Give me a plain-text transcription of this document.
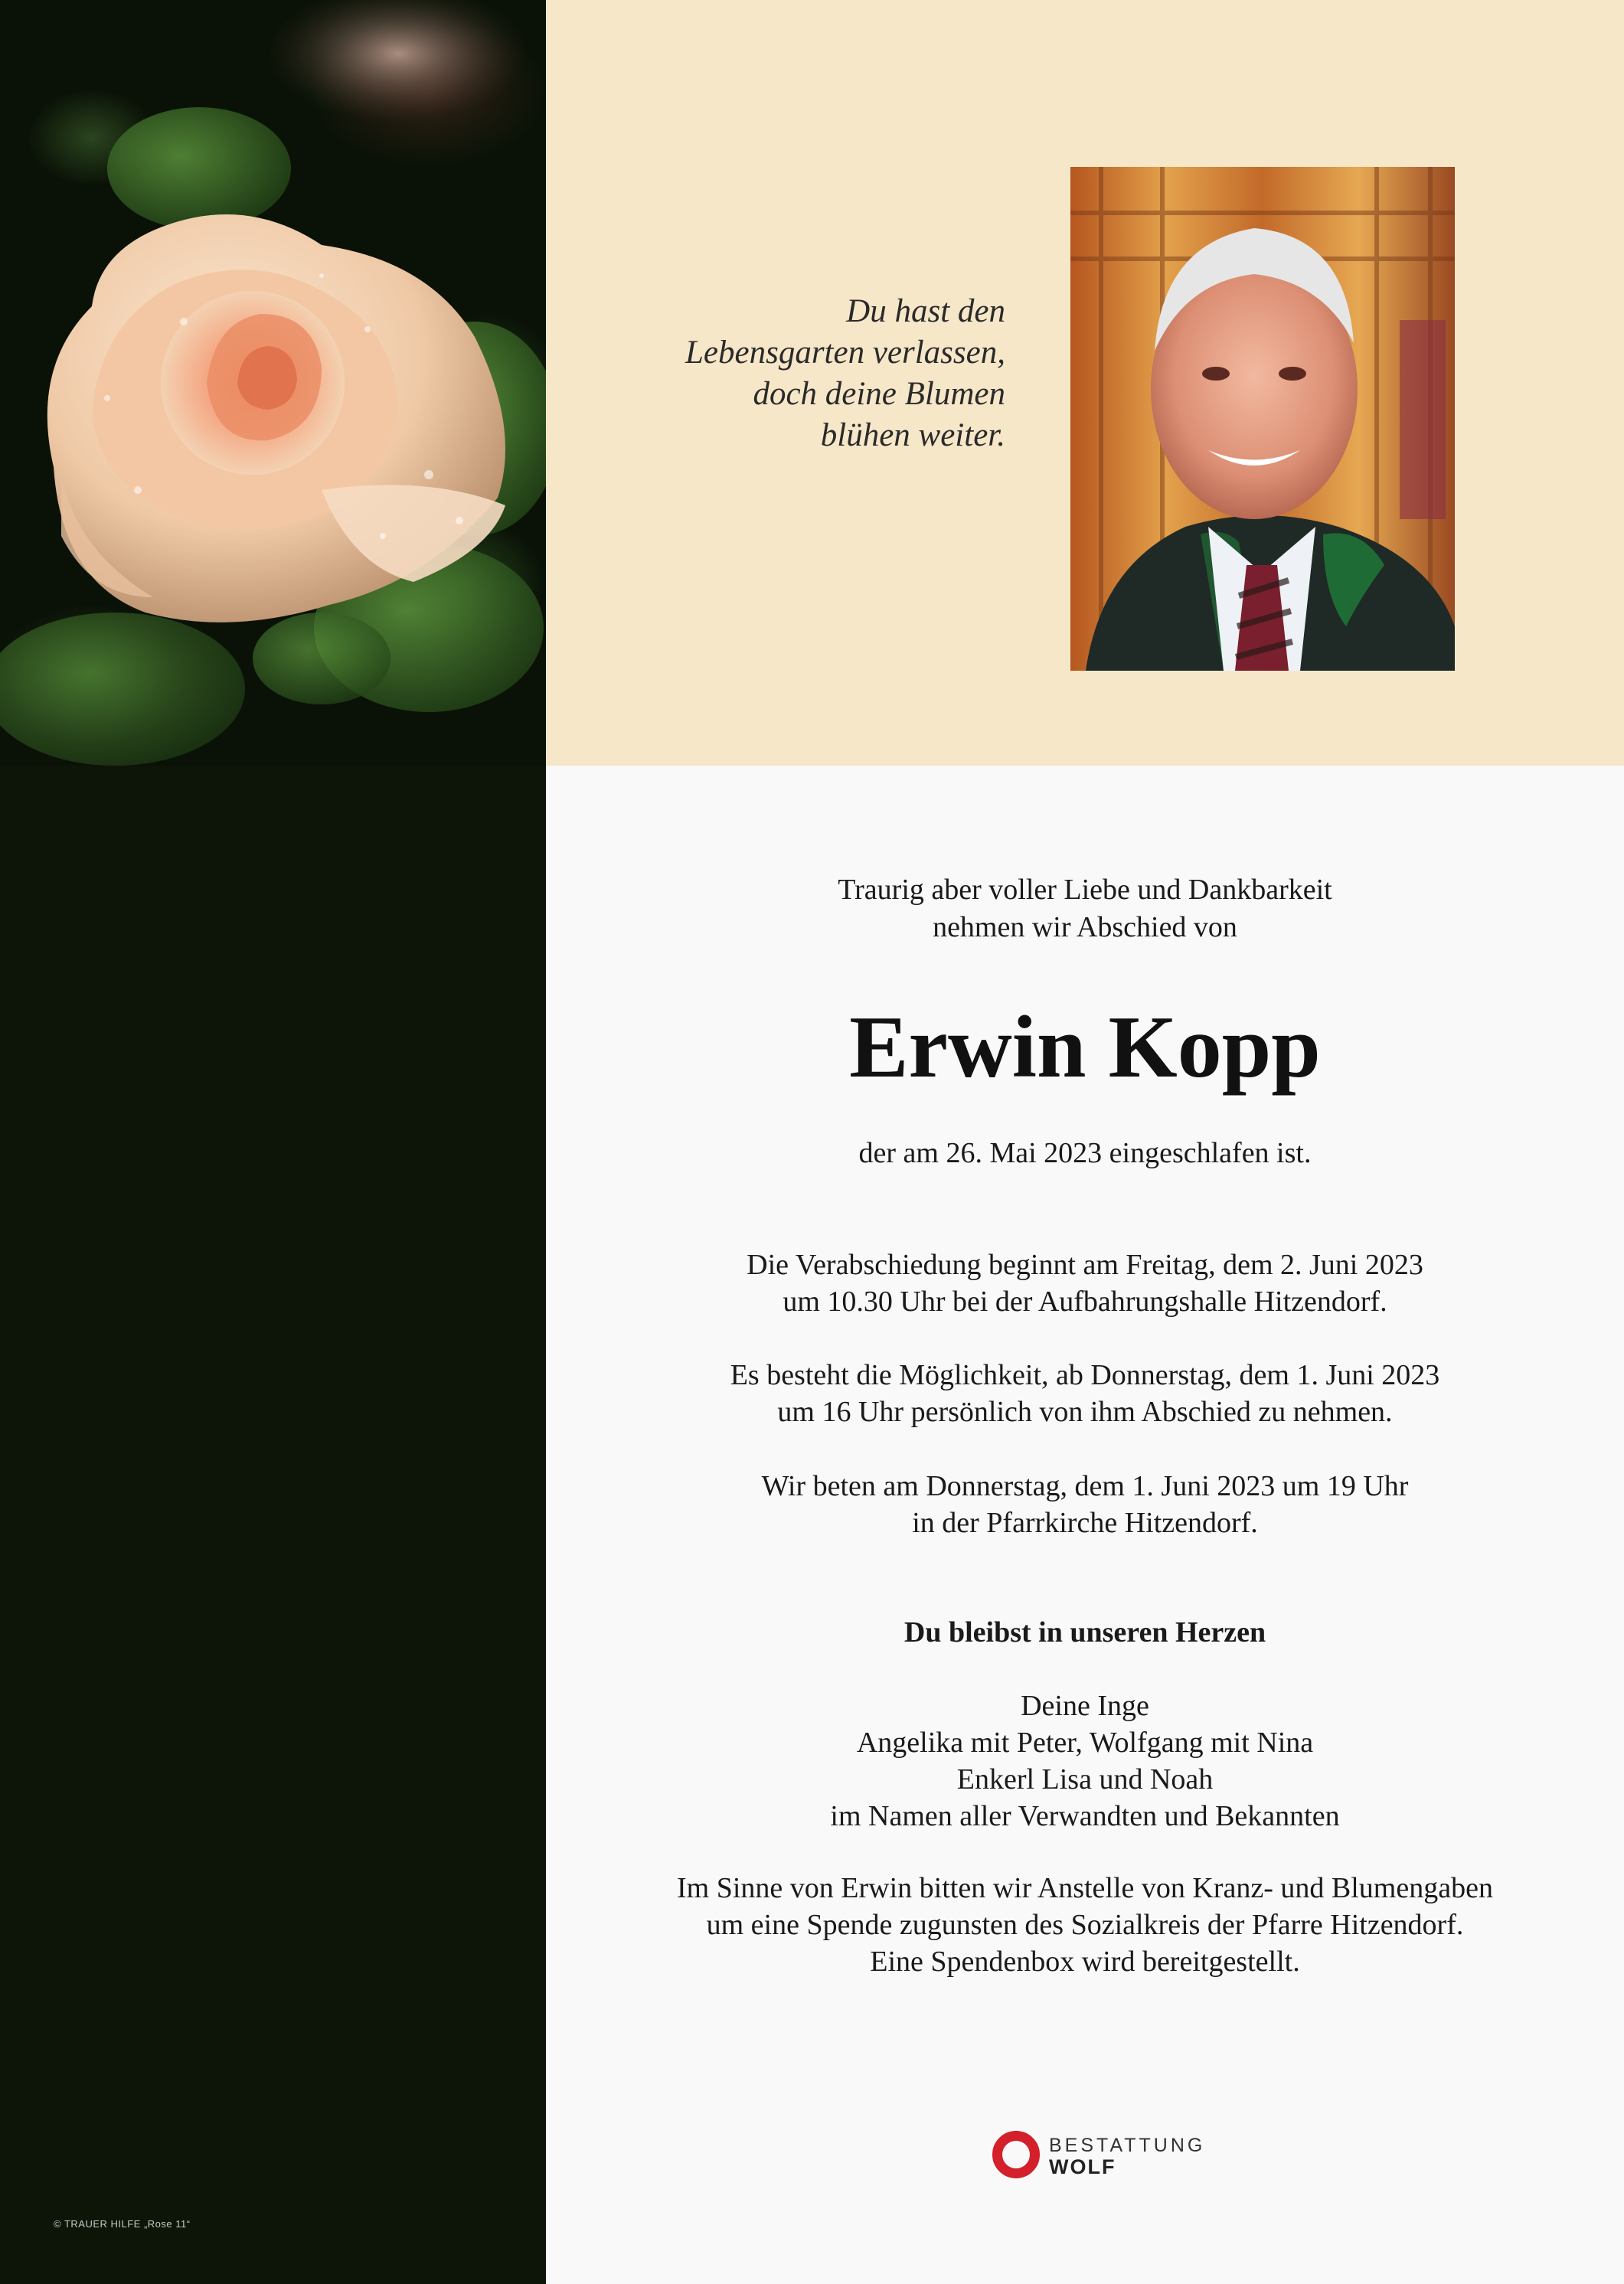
© TRAUER HILFE „Rose 11“
Du hast den
Lebensgarten verlassen,
doch deine Blumen
blühen weiter.
Traurig aber voller Liebe und Dankbarkeit
nehmen wir Abschied von
Erwin Kopp
der am 26. Mai 2023 eingeschlafen ist.
Die Verabschiedung beginnt am Freitag, dem 2. Juni 2023
um 10.30 Uhr bei der Aufbahrungshalle Hitzendorf.
Es besteht die Möglichkeit, ab Donnerstag, dem 1. Juni 2023
um 16 Uhr persönlich von ihm Abschied zu nehmen.
Wir beten am Donnerstag, dem 1. Juni 2023 um 19 Uhr
in der Pfarrkirche Hitzendorf.
Du bleibst in unseren Herzen
Deine Inge
Angelika mit Peter, Wolfgang mit Nina
Enkerl Lisa und Noah
im Namen aller Verwandten und Bekannten
Im Sinne von Erwin bitten wir Anstelle von Kranz- und Blumengaben
um eine Spende zugunsten des Sozialkreis der Pfarre Hitzendorf.
Eine Spendenbox wird bereitgestellt.
BESTATTUNG
WOLF
